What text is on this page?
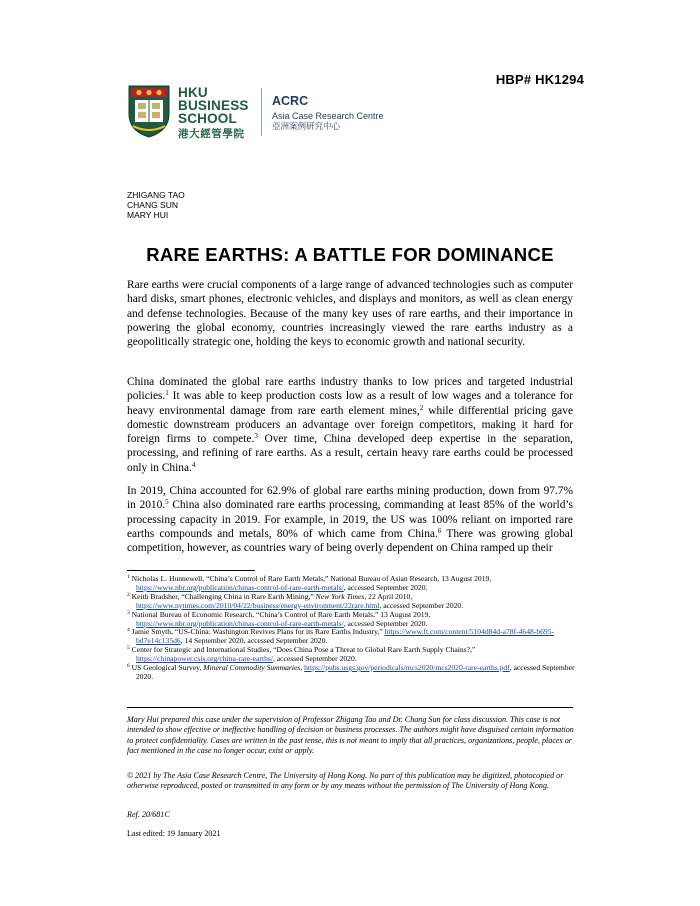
HBP# HK1294
HKU
BUSINESS
SCHOOL
港大經管學院
ACRC
Asia Case Research Centre
亞洲案例研究中心
ZHIGANG TAO
CHANG SUN
MARY HUI
RARE EARTHS: A BATTLE FOR DOMINANCE
Rare earths were crucial components of a large range of advanced technologies such as computer hard disks, smart phones, electronic vehicles, and displays and monitors, as well as clean energy and defense technologies. Because of the many key uses of rare earths, and their importance in powering the global economy, countries increasingly viewed the rare earths industry as a geopolitically strategic one, holding the keys to economic growth and national security.
China dominated the global rare earths industry thanks to low prices and targeted industrial policies.$^1$ It was able to keep production costs low as a result of low wages and a tolerance for heavy environmental damage from rare earth element mines,$^2$ while differential pricing gave domestic downstream producers an advantage over foreign competitors, making it hard for foreign firms to compete.$^3$ Over time, China developed deep expertise in the separation, processing, and refining of rare earths. As a result, certain heavy rare earths could be processed only in China.$^4$
In 2019, China accounted for 62.9% of global rare earths mining production, down from 97.7% in 2010.$^5$ China also dominated rare earths processing, commanding at least 85% of the world’s processing capacity in 2019. For example, in 2019, the US was 100% reliant on imported rare earths compounds and metals, 80% of which came from China.$^6$ There was growing global competition, however, as countries wary of being overly dependent on China ramped up their

$^1$ Nicholas L. Hunnewell, “China’s Control of Rare Earth Metals,” National Bureau of Asian Research, 13 August 2019,
https://www.nbr.org/publication/chinas-control-of-rare-earth-metals/, accessed September 2020.

$^2$ Keith Bradsher, “Challenging China in Rare Earth Mining,” New York Times, 22 April 2010,
https://www.nytimes.com/2010/04/22/business/energy-environment/22rare.html, accessed September 2020.

$^3$ National Bureau of Economic Research, “China’s Control of Rare Earth Metals,” 13 August 2019,
https://www.nbr.org/publication/chinas-control-of-rare-earth-metals/, accessed September 2020.

$^4$ Jamie Smyth, “US-China: Washington Revives Plans for its Rare Earths Industry,” https://www.ft.com/content/5104d84d-a78f-4648-b695-bd7e14c135d6, 14 September 2020, accessed September 2020.

$^5$ Center for Strategic and International Studies, “Does China Pose a Threat to Global Rare Earth Supply Chains?,”
https://chinapower.csis.org/china-rare-earths/, accessed September 2020.

$^6$ US Geological Survey, Mineral Commodity Summaries, https://pubs.usgs.gov/periodicals/mcs2020/mcs2020-rare-earths.pdf, accessed September 2020.

Mary Hui prepared this case under the supervision of Professor Zhigang Tao and Dr. Chang Sun for class discussion. This case is not intended to show effective or ineffective handling of decision or business processes. The authors might have disguised certain information to protect confidentiality. Cases are written in the past tense, this is not meant to imply that all practices, organizations, people, places or fact mentioned in the case no longer occur, exist or apply.
© 2021 by The Asia Case Research Centre, The University of Hong Kong. No part of this publication may be digitized, photocopied or otherwise reproduced, posted or transmitted in any form or by any means without the permission of The University of Hong Kong.
Ref. 20/681C
Last edited: 19 January 2021
